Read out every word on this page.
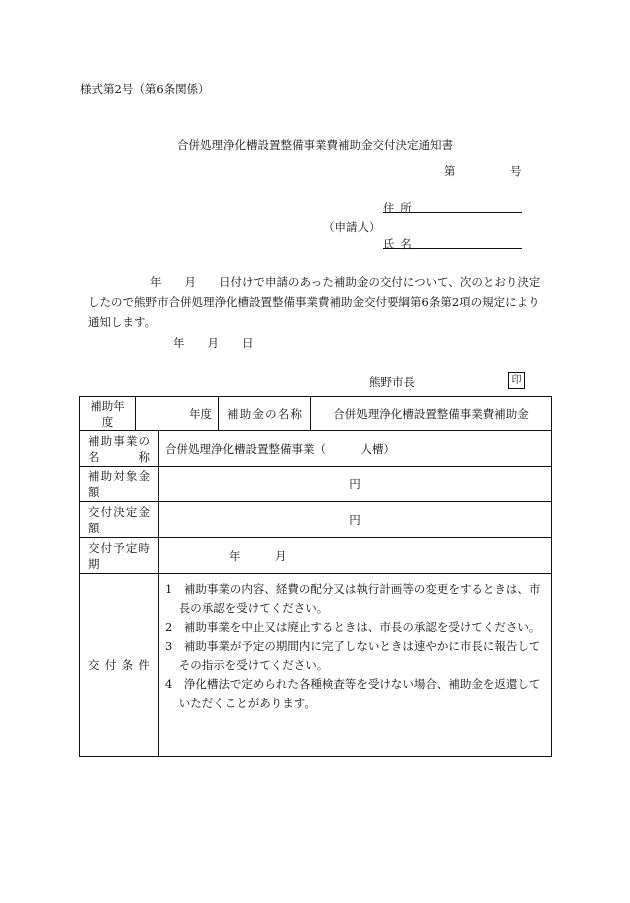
様式第2号（第6条関係）
合併処理浄化槽設置整備事業費補助金交付決定通知書
第	号
住所
（申請人）
氏名
年　　月　　日付けで申請のあった補助金の交付について、次のとおり決定
したので熊野市合併処理浄化槽設置整備事業費補助金交付要綱第6条第2項の規定により
通知します。
年　　月　　日
熊野市長	印
補助年度	年度		補助金の名称	合併処理浄化槽設置整備事業費補助金
補助事業の名称		合併処理浄化槽設置整備事業（　　　人槽）		
補助対象金額		円		
交付決定金額		円		
交付予定時期		年　　　月		
交付条件		1　補助事業の内容、経費の配分又は執行計画等の変更をするときは、市長の承認を受けてください。
2　補助事業を中止又は廃止するときは、市長の承認を受けてください。
3　補助事業が予定の期間内に完了しないときは速やかに市長に報告してその指示を受けてください。
4　浄化槽法で定められた各種検査等を受けない場合、補助金を返還していただくことがあります。		
